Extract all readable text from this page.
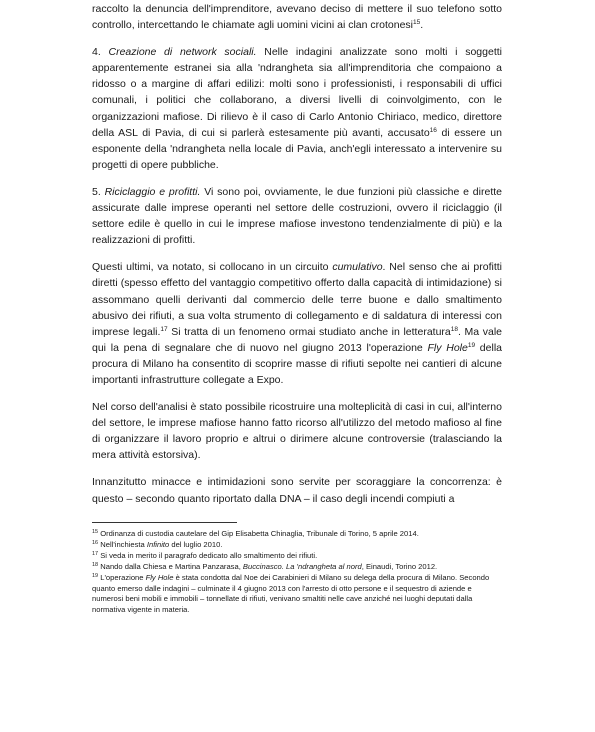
raccolto la denuncia dell'imprenditore, avevano deciso di mettere il suo telefono sotto controllo, intercettando le chiamate agli uomini vicini ai clan crotonesi$^{15}$.

4. Creazione di network sociali. Nelle indagini analizzate sono molti i soggetti apparentemente estranei sia alla 'ndrangheta sia all'imprenditoria che compaiono a ridosso o a margine di affari edilizi: molti sono i professionisti, i responsabili di uffici comunali, i politici che collaborano, a diversi livelli di coinvolgimento, con le organizzazioni mafiose. Di rilievo è il caso di Carlo Antonio Chiriaco, medico, direttore della ASL di Pavia, di cui si parlerà estesamente più avanti, accusato$^{16}$ di essere un esponente della 'ndrangheta nella locale di Pavia, anch'egli interessato a intervenire su progetti di opere pubbliche.

5. Riciclaggio e profitti. Vi sono poi, ovviamente, le due funzioni più classiche e dirette assicurate dalle imprese operanti nel settore delle costruzioni, ovvero il riciclaggio (il settore edile è quello in cui le imprese mafiose investono tendenzialmente di più) e la realizzazioni di profitti.

Questi ultimi, va notato, si collocano in un circuito cumulativo. Nel senso che ai profitti diretti (spesso effetto del vantaggio competitivo offerto dalla capacità di intimidazione) si assommano quelli derivanti dal commercio delle terre buone e dallo smaltimento abusivo dei rifiuti, a sua volta strumento di collegamento e di saldatura di interessi con imprese legali.$^{17}$ Si tratta di un fenomeno ormai studiato anche in letteratura$^{18}$. Ma vale qui la pena di segnalare che di nuovo nel giugno 2013 l'operazione Fly Hole$^{19}$ della procura di Milano ha consentito di scoprire masse di rifiuti sepolte nei cantieri di alcune importanti infrastrutture collegate a Expo.

Nel corso dell'analisi è stato possibile ricostruire una molteplicità di casi in cui, all'interno del settore, le imprese mafiose hanno fatto ricorso all'utilizzo del metodo mafioso al fine di organizzare il lavoro proprio e altrui o dirimere alcune controversie (tralasciando la mera attività estorsiva).

Innanzitutto minacce e intimidazioni sono servite per scoraggiare la concorrenza: è questo – secondo quanto riportato dalla DNA – il caso degli incendi compiuti a

$^{15}$ Ordinanza di custodia cautelare del Gip Elisabetta Chinaglia, Tribunale di Torino, 5 aprile 2014.

$^{16}$ Nell'inchiesta Infinito del luglio 2010.

$^{17}$ Si veda in merito il paragrafo dedicato allo smaltimento dei rifiuti.

$^{18}$ Nando dalla Chiesa e Martina Panzarasa, Buccinasco. La 'ndrangheta al nord, Einaudi, Torino 2012.

$^{19}$ L'operazione Fly Hole è stata condotta dal Noe dei Carabinieri di Milano su delega della procura di Milano. Secondo quanto emerso dalle indagini – culminate il 4 giugno 2013 con l'arresto di otto persone e il sequestro di aziende e numerosi beni mobili e immobili – tonnellate di rifiuti, venivano smaltiti nelle cave anziché nei luoghi deputati dalla normativa vigente in materia.
